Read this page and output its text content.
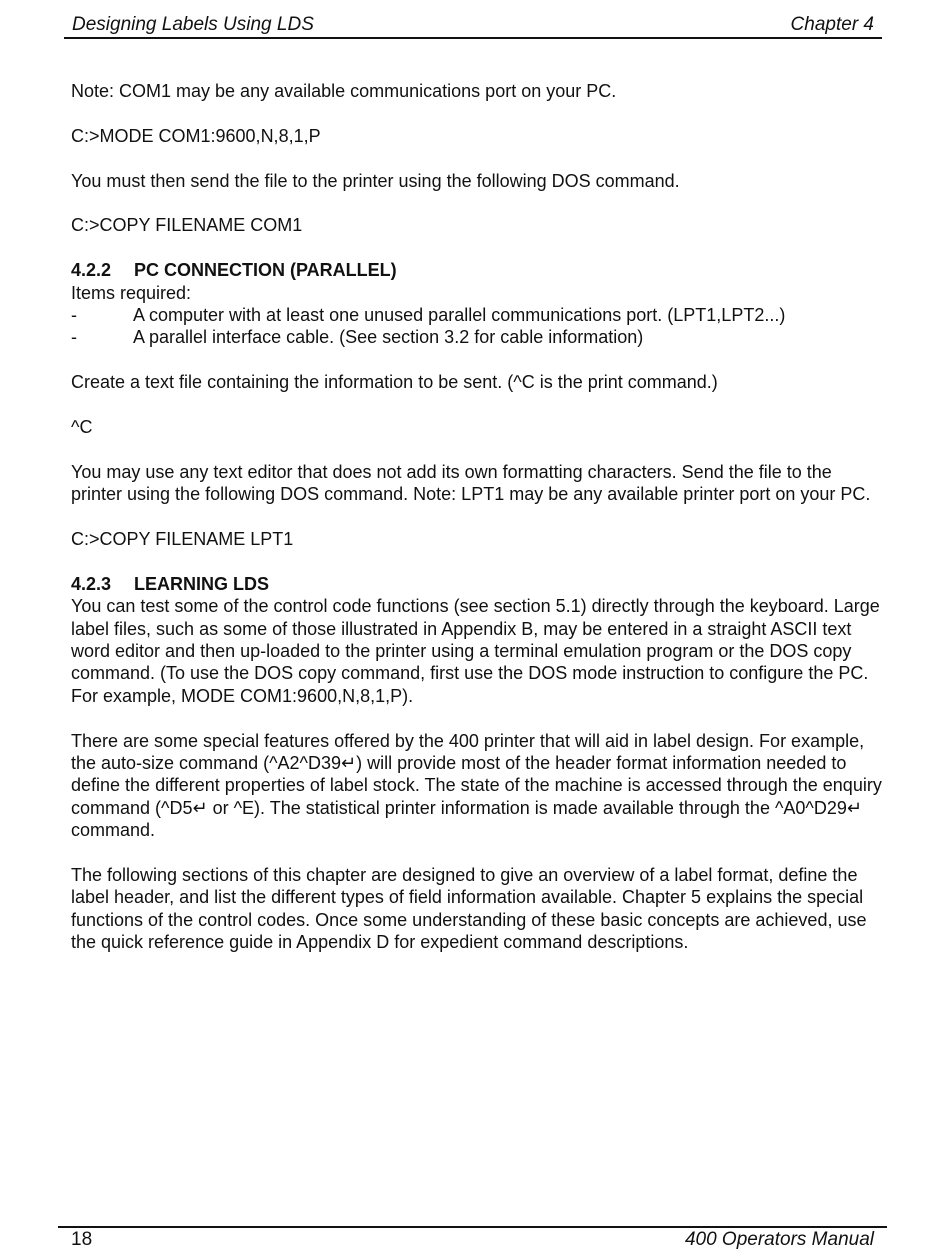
Designing Labels Using LDS	Chapter 4

Note: COM1 may be any available communications port on your PC.

C:>MODE COM1:9600,N,8,1,P

You must then send the file to the printer using the following DOS command.

C:>COPY FILENAME COM1

4.2.2 PC CONNECTION (PARALLEL)
Items required:
-	A computer with at least one unused parallel communications port. (LPT1,LPT2...)
-	A parallel interface cable. (See section 3.2 for cable information)

Create a text file containing the information to be sent. (^C is the print command.)

^C

You may use any text editor that does not add its own formatting characters. Send the file to the printer using the following DOS command. Note: LPT1 may be any available printer port on your PC.

C:>COPY FILENAME LPT1

4.2.3 LEARNING LDS

You can test some of the control code functions (see section 5.1) directly through the keyboard. Large label files, such as some of those illustrated in Appendix B, may be entered in a straight ASCII text word editor and then up-loaded to the printer using a terminal emulation program or the DOS copy command. (To use the DOS copy command, first use the DOS mode instruction to configure the PC. For example, MODE COM1:9600,N,8,1,P).

There are some special features offered by the 400 printer that will aid in label design. For example, the auto-size command (^A2^D39↵) will provide most of the header format information needed to define the different properties of label stock. The state of the machine is accessed through the enquiry command (^D5↵ or ^E). The statistical printer information is made available through the ^A0^D29↵ command.

The following sections of this chapter are designed to give an overview of a label format, define the label header, and list the different types of field information available. Chapter 5 explains the special functions of the control codes. Once some understanding of these basic concepts are achieved, use the quick reference guide in Appendix D for expedient command descriptions.

18	400 Operators Manual
